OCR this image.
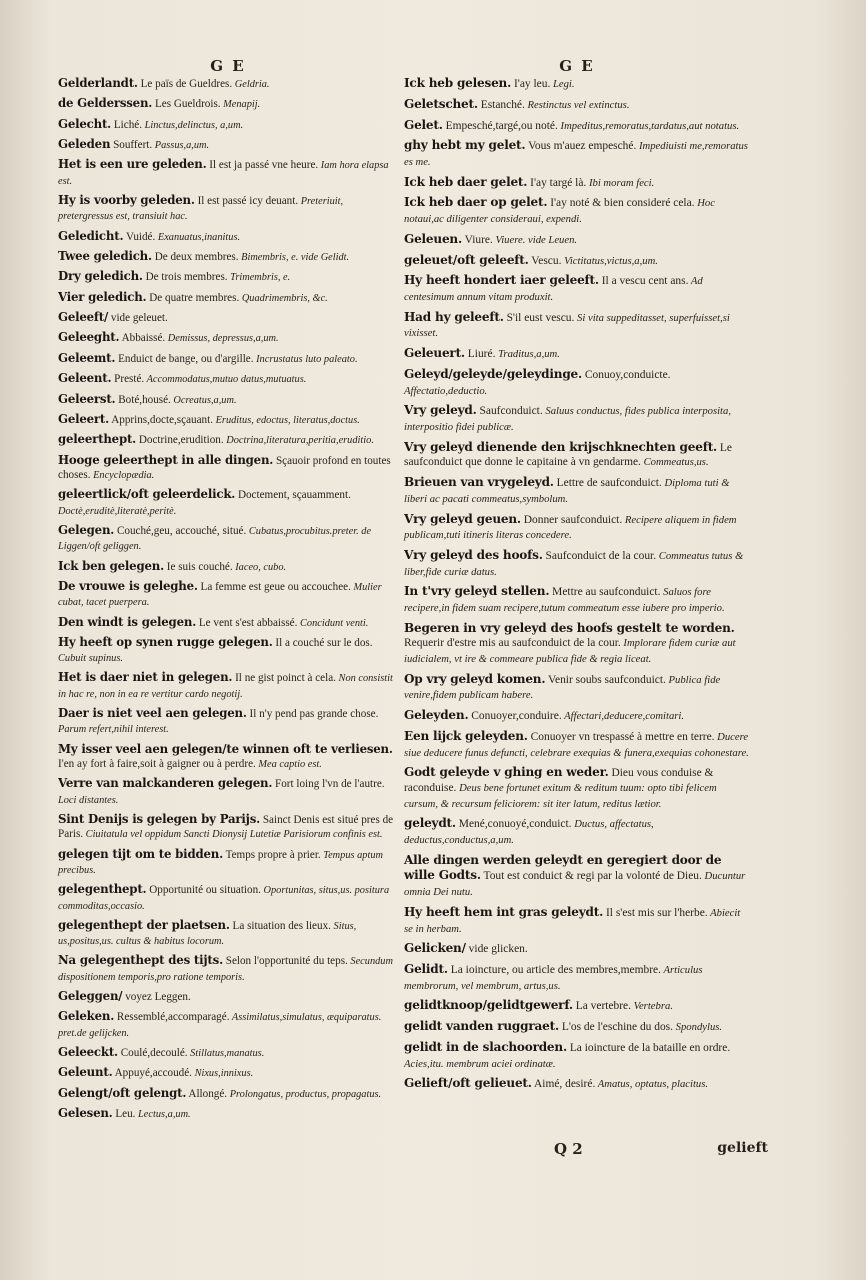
G E
Gelderlandt. Le païs de Gueldres. Geldria.
de Gelderssen. Les Gueldrois. Menapij.
Gelecht. Liché. Linctus,delinctus, a,um.
Geleden Souffert. Passus,a,um.
Het is een ure geleden. Il est ja passé vne heure. Iam hora elapsa est.
Hy is voorby geleden. Il est passé icy deuant. Preteriuit, pretergressus est, transiuit hac.
Geledicht. Vuidé. Exanuatus,inanitus.
Twee geledich. De deux membres. Bimembris, e. vide Gelidt.
Dry geledich. De trois membres. Trimembris, e.
Vier geledich. De quatre membres. Quadrimembris, &c.
Geleeft/ vide geleuet.
Geleeght. Abbaissé. Demissus, depressus,a,um.
Geleemt. Enduict de bange, ou d'argille. Incrustatus luto paleato.
Geleent. Presté. Accommodatus,mutuo datus,mutuatus.
Geleerst. Boté,housé. Ocreatus,a,um.
Geleert. Apprins,docte,sçauant. Eruditus, edoctus, literatus,doctus.
geleerthept. Doctrine,erudition. Doctrina,literatura,peritia,eruditio.
Hooge geleerthept in alle dingen. Sçauoir profond en toutes choses. Encyclopædia.
geleertlick/oft geleerdelick. Doctement, sçauamment. Doctè,eruditè,literatè,peritè.
Gelegen. Couché,geu, accouché, situé. Cubatus,procubitus.preter. de Liggen/oft geliggen.
Ick ben gelegen. Ie suis couché. Iaceo, cubo.
De vrouwe is geleghe. La femme est geue ou accouchee. Mulier cubat, tacet puerpera.
Den windt is gelegen. Le vent s'est abbaissé. Concidunt venti.
Hy heeft op synen rugge gelegen. Il a couché sur le dos. Cubuit supinus.
Het is daer niet in gelegen. Il ne gist poinct à cela. Non consistit in hac re, non in ea re vertitur cardo negotij.
Daer is niet veel aen gelegen. Il n'y pend pas grande chose. Parum refert,nihil interest.
My isser veel aen gelegen/te winnen oft te verliesen. I'en ay fort à faire,soit à gaigner ou à perdre. Mea captio est.
Verre van malckanderen gelegen. Fort loing l'vn de l'autre. Loci distantes.
Sint Denijs is gelegen by Parijs. Sainct Denis est situé pres de Paris. Ciuitatula vel oppidum Sancti Dionysij Lutetiæ Parisiorum confinis est.
gelegen tijt om te bidden. Temps propre à prier. Tempus aptum precibus.
gelegenthept. Opportunité ou situation. Oportunitas, situs,us. positura commoditas,occasio.
gelegenthept der plaetsen. La situation des lieux. Situs, us,positus,us. cultus & habitus locorum.
Na gelegenthept des tijts. Selon l'opportunité du teps. Secundum dispositionem temporis,pro ratione temporis.
Geleggen/ voyez Leggen.
Geleken. Ressemblé,accomparagé. Assimilatus,simulatus, æquiparatus. pret.de gelijcken.
Geleeckt. Coulé,decoulé. Stillatus,manatus.
Geleunt. Appuyé,accoudé. Nixus,innixus.
Gelengt/oft gelengt. Allongé. Prolongatus, productus, propagatus.
Gelesen. Leu. Lectus,a,um.
G E
Ick heb gelesen. I'ay leu. Legi.
Geletschet. Estanché. Restinctus vel extinctus.
Gelet. Empesché,targé,ou noté. Impeditus,remoratus,tardatus,aut notatus.
ghy hebt my gelet. Vous m'auez empesché. Impediuisti me,remoratus es me.
Ick heb daer gelet. I'ay targé là. Ibi moram feci.
Ick heb daer op gelet. I'ay noté & bien consideré cela. Hoc notaui,ac diligenter consideraui, expendi.
Geleuen. Viure. Viuere. vide Leuen.
geleuet/oft geleeft. Vescu. Victitatus,victus,a,um.
Hy heeft hondert iaer geleeft. Il a vescu cent ans. Ad centesimum annum vitam produxit.
Had hy geleeft. S'il eust vescu. Si vita suppeditasset, superfuisset,si vixisset.
Geleuert. Liuré. Traditus,a,um.
Geleyd/geleyde/geleydinge. Conuoy,conduicte. Affectatio,deductio.
Vry geleyd. Saufconduict. Saluus conductus, fides publica interposita, interpositio fidei publicæ.
Vry geleyd dienende den krijschknechten geeft. Le saufconduict que donne le capitaine à vn gendarme. Commeatus,us.
Brieuen van vrygeleyd. Lettre de saufconduict. Diploma tuti & liberi ac pacati commeatus,symbolum.
Vry geleyd geuen. Donner saufconduict. Recipere aliquem in fidem publicam,tuti itineris literas concedere.
Vry geleyd des hoofs. Saufconduict de la cour. Commeatus tutus & liber,fide curiæ datus.
In t'vry geleyd stellen. Mettre au saufconduict. Saluos fore recipere,in fidem suam recipere,tutum commeatum esse iubere pro imperio.
Begeren in vry geleyd des hoofs gestelt te worden. Requerir d'estre mis au saufconduict de la cour. Implorare fidem curiæ aut iudicialem, vt ire & commeare publica fide & regia liceat.
Op vry geleyd komen. Venir soubs saufconduict. Publica fide venire,fidem publicam habere.
Geleyden. Conuoyer,conduire. Affectari,deducere,comitari.
Een lijck geleyden. Conuoyer vn trespassé à mettre en terre. Ducere siue deducere funus defuncti, celebrare exequias & funera,exequias cohonestare.
Godt geleyde v ghing en weder. Dieu vous conduise & raconduise. Deus bene fortunet exitum & reditum tuum: opto tibi felicem cursum, & recursum feliciorem: sit iter latum, reditus lætior.
geleydt. Mené,conuoyé,conduict. Ductus, affectatus, deductus,conductus,a,um.
Alle dingen werden geleydt en geregiert door de wille Godts. Tout est conduict & regi par la volonté de Dieu. Ducuntur omnia Dei nutu.
Hy heeft hem int gras geleydt. Il s'est mis sur l'herbe. Abiecit se in herbam.
Gelicken/ vide glicken.
Gelidt. La ioincture, ou article des membres,membre. Articulus membrorum, vel membrum, artus,us.
gelidtknoop/gelidtgewerf. La vertebre. Vertebra.
gelidt vanden ruggraet. L'os de l'eschine du dos. Spondylus.
gelidt in de slachoorden. La ioincture de la bataille en ordre. Acies,itu. membrum aciei ordinatæ.
Gelieft/oft gelieuet. Aimé, desiré. Amatus, optatus, placitus.
Q 2	gelieft
